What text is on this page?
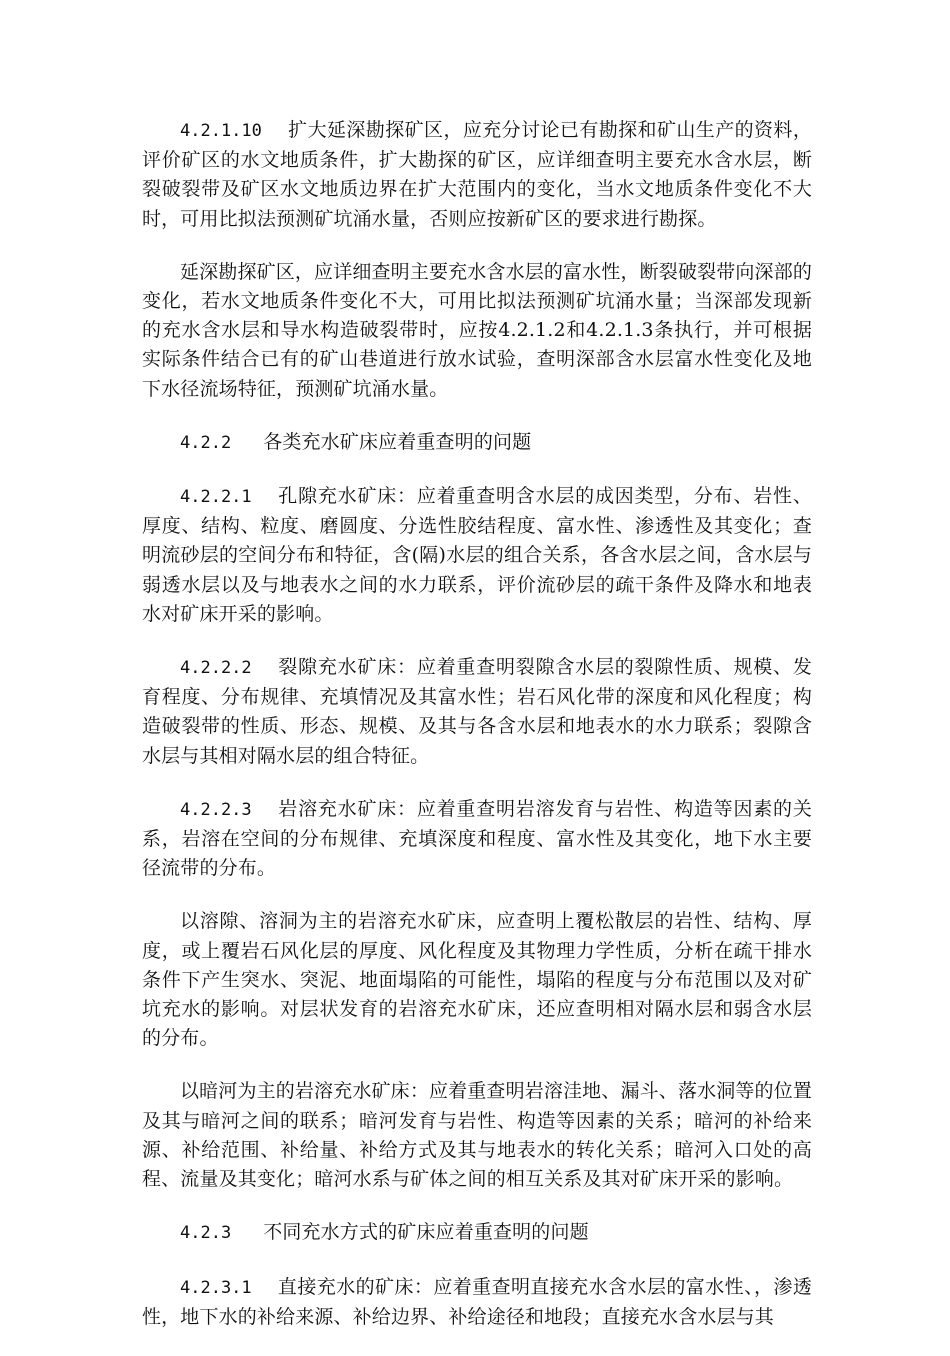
4.2.1.10 扩大延深勘探矿区，应充分讨论已有勘探和矿山生产的资料，评价矿区的水文地质条件，扩大勘探的矿区，应详细查明主要充水含水层，断裂破裂带及矿区水文地质边界在扩大范围内的变化，当水文地质条件变化不大时，可用比拟法预测矿坑涌水量，否则应按新矿区的要求进行勘探。

延深勘探矿区，应详细查明主要充水含水层的富水性，断裂破裂带向深部的变化，若水文地质条件变化不大，可用比拟法预测矿坑涌水量；当深部发现新的充水含水层和导水构造破裂带时，应按4.2.1.2和4.2.1.3条执行，并可根据实际条件结合已有的矿山巷道进行放水试验，查明深部含水层富水性变化及地下水径流场特征，预测矿坑涌水量。

4.2.2 各类充水矿床应着重查明的问题

4.2.2.1 孔隙充水矿床：应着重查明含水层的成因类型，分布、岩性、厚度、结构、粒度、磨圆度、分选性胶结程度、富水性、渗透性及其变化；查明流砂层的空间分布和特征，含(隔)水层的组合关系，各含水层之间，含水层与弱透水层以及与地表水之间的水力联系，评价流砂层的疏干条件及降水和地表水对矿床开采的影响。

4.2.2.2 裂隙充水矿床：应着重查明裂隙含水层的裂隙性质、规模、发育程度、分布规律、充填情况及其富水性；岩石风化带的深度和风化程度；构造破裂带的性质、形态、规模、及其与各含水层和地表水的水力联系；裂隙含水层与其相对隔水层的组合特征。

4.2.2.3 岩溶充水矿床：应着重查明岩溶发育与岩性、构造等因素的关系，岩溶在空间的分布规律、充填深度和程度、富水性及其变化，地下水主要径流带的分布。

以溶隙、溶洞为主的岩溶充水矿床，应查明上覆松散层的岩性、结构、厚度，或上覆岩石风化层的厚度、风化程度及其物理力学性质，分析在疏干排水条件下产生突水、突泥、地面塌陷的可能性，塌陷的程度与分布范围以及对矿坑充水的影响。对层状发育的岩溶充水矿床，还应查明相对隔水层和弱含水层的分布。

以暗河为主的岩溶充水矿床：应着重查明岩溶洼地、漏斗、落水洞等的位置及其与暗河之间的联系；暗河发育与岩性、构造等因素的关系；暗河的补给来源、补给范围、补给量、补给方式及其与地表水的转化关系；暗河入口处的高程、流量及其变化；暗河水系与矿体之间的相互关系及其对矿床开采的影响。

4.2.3 不同充水方式的矿床应着重查明的问题

4.2.3.1 直接充水的矿床：应着重查明直接充水含水层的富水性、，渗透性，地下水的补给来源、补给边界、补给途径和地段；直接充水含水层与其
